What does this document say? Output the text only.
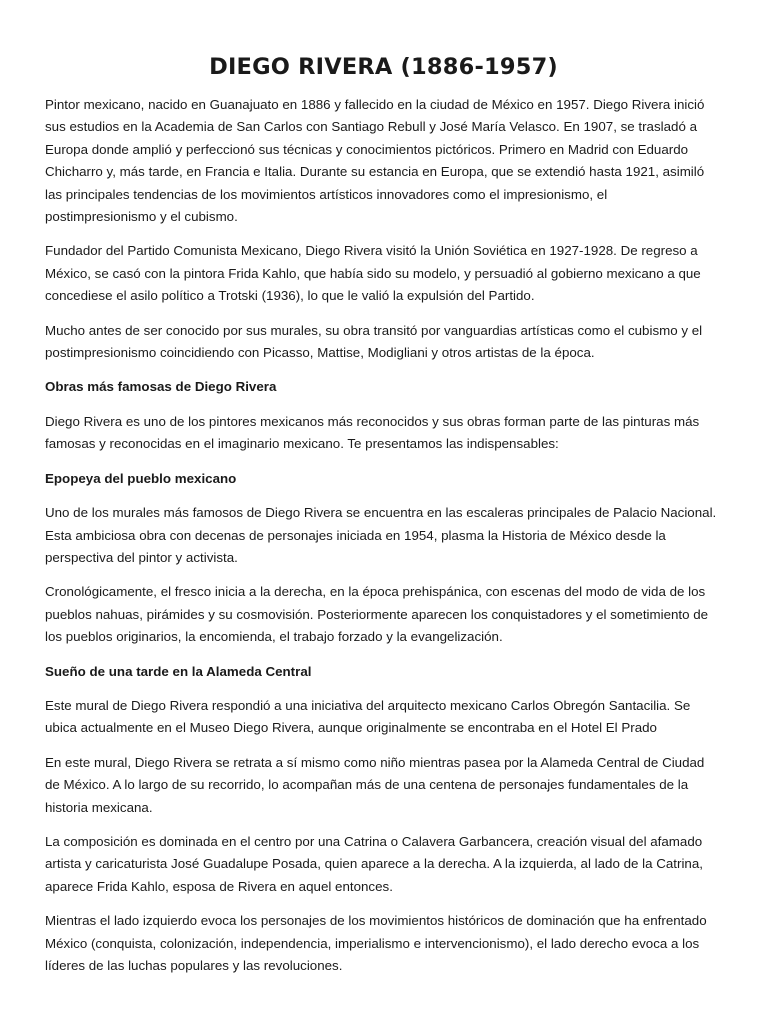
DIEGO RIVERA (1886-1957)

Pintor mexicano, nacido en Guanajuato en 1886 y fallecido en la ciudad de México en 1957. Diego Rivera inició sus estudios en la Academia de San Carlos con Santiago Rebull y José María Velasco. En 1907, se trasladó a Europa donde amplió y perfeccionó sus técnicas y conocimientos pictóricos. Primero en Madrid con Eduardo Chicharro y, más tarde, en Francia e Italia. Durante su estancia en Europa, que se extendió hasta 1921, asimiló las principales tendencias de los movimientos artísticos innovadores como el impresionismo, el postimpresionismo y el cubismo.

Fundador del Partido Comunista Mexicano, Diego Rivera visitó la Unión Soviética en 1927-1928. De regreso a México, se casó con la pintora Frida Kahlo, que había sido su modelo, y persuadió al gobierno mexicano a que concediese el asilo político a Trotski (1936), lo que le valió la expulsión del Partido.

Mucho antes de ser conocido por sus murales, su obra transitó por vanguardias artísticas como el cubismo y el postimpresionismo coincidiendo con Picasso, Mattise, Modigliani y otros artistas de la época.

Obras más famosas de Diego Rivera

Diego Rivera es uno de los pintores mexicanos más reconocidos y sus obras forman parte de las pinturas más famosas y reconocidas en el imaginario mexicano. Te presentamos las indispensables:

Epopeya del pueblo mexicano

Uno de los murales más famosos de Diego Rivera se encuentra en las escaleras principales de Palacio Nacional. Esta ambiciosa obra con decenas de personajes iniciada en 1954, plasma la Historia de México desde la perspectiva del pintor y activista.

Cronológicamente, el fresco inicia a la derecha, en la época prehispánica, con escenas del modo de vida de los pueblos nahuas, pirámides y su cosmovisión. Posteriormente aparecen los conquistadores y el sometimiento de los pueblos originarios, la encomienda, el trabajo forzado y la evangelización.

Sueño de una tarde en la Alameda Central

Este mural de Diego Rivera respondió a una iniciativa del arquitecto mexicano Carlos Obregón Santacilia. Se ubica actualmente en el Museo Diego Rivera, aunque originalmente se encontraba en el Hotel El Prado

En este mural, Diego Rivera se retrata a sí mismo como niño mientras pasea por la Alameda Central de Ciudad de México. A lo largo de su recorrido, lo acompañan más de una centena de personajes fundamentales de la historia mexicana.

La composición es dominada en el centro por una Catrina o Calavera Garbancera, creación visual del afamado artista y caricaturista José Guadalupe Posada, quien aparece a la derecha. A la izquierda, al lado de la Catrina, aparece Frida Kahlo, esposa de Rivera en aquel entonces.

Mientras el lado izquierdo evoca los personajes de los movimientos históricos de dominación que ha enfrentado México (conquista, colonización, independencia, imperialismo e intervencionismo), el lado derecho evoca a los líderes de las luchas populares y las revoluciones.
